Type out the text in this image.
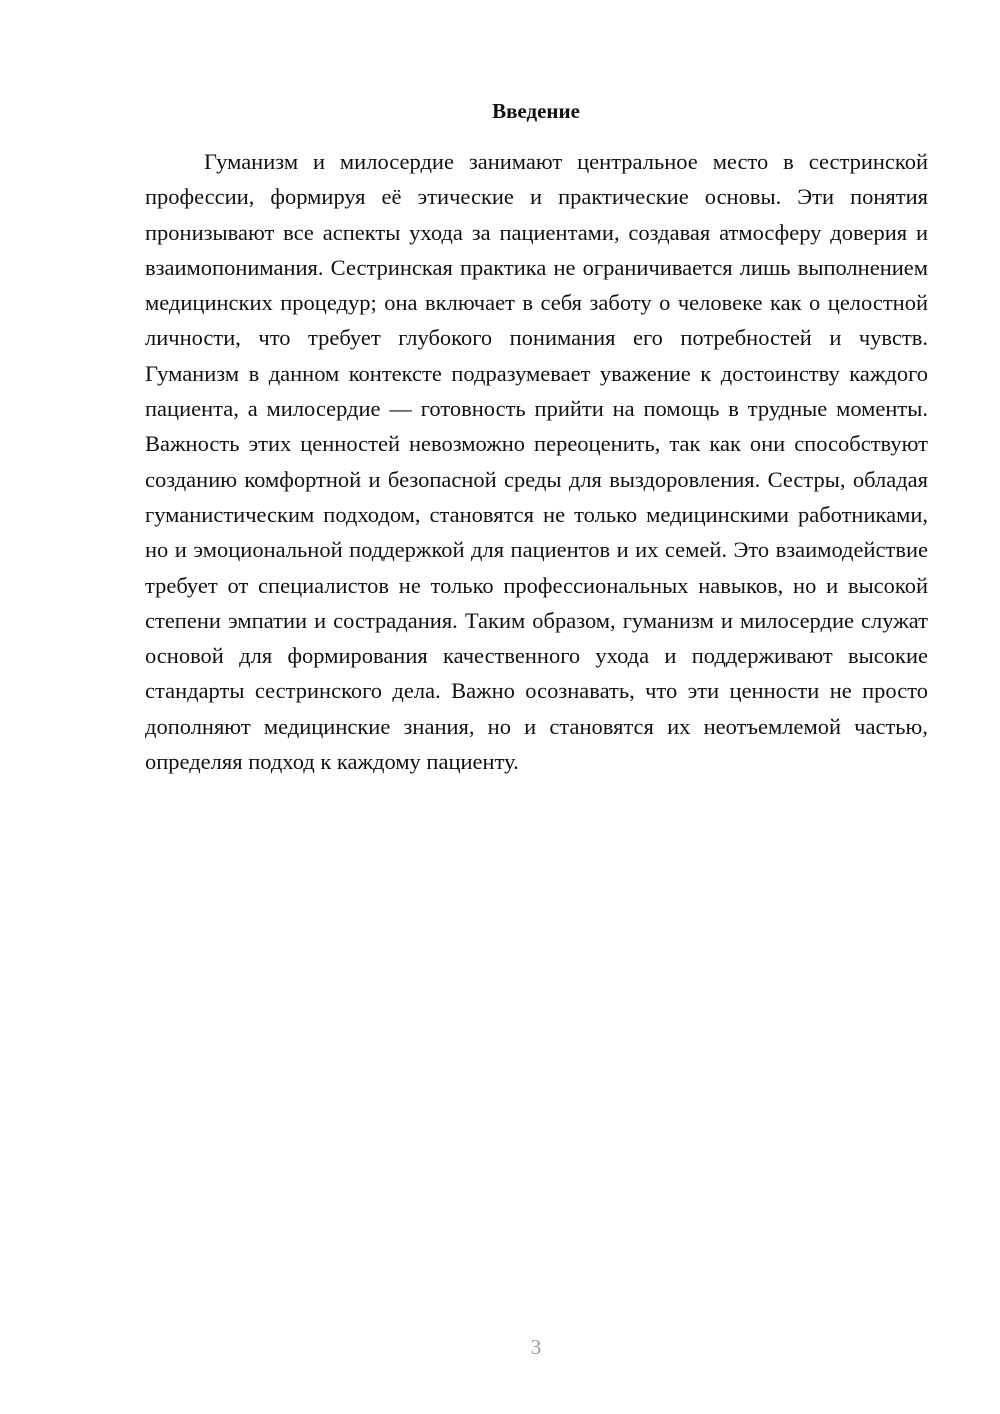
Введение

Гуманизм и милосердие занимают центральное место в сестринской профессии, формируя её этические и практические основы. Эти понятия пронизывают все аспекты ухода за пациентами, создавая атмосферу доверия и взаимопонимания. Сестринская практика не ограничивается лишь выполнением медицинских процедур; она включает в себя заботу о человеке как о целостной личности, что требует глубокого понимания его потребностей и чувств. Гуманизм в данном контексте подразумевает уважение к достоинству каждого пациента, а милосердие — готовность прийти на помощь в трудные моменты. Важность этих ценностей невозможно переоценить, так как они способствуют созданию комфортной и безопасной среды для выздоровления. Сестры, обладая гуманистическим подходом, становятся не только медицинскими работниками, но и эмоциональной поддержкой для пациентов и их семей. Это взаимодействие требует от специалистов не только профессиональных навыков, но и высокой степени эмпатии и сострадания. Таким образом, гуманизм и милосердие служат основой для формирования качественного ухода и поддерживают высокие стандарты сестринского дела. Важно осознавать, что эти ценности не просто дополняют медицинские знания, но и становятся их неотъемлемой частью, определяя подход к каждому пациенту.

3
